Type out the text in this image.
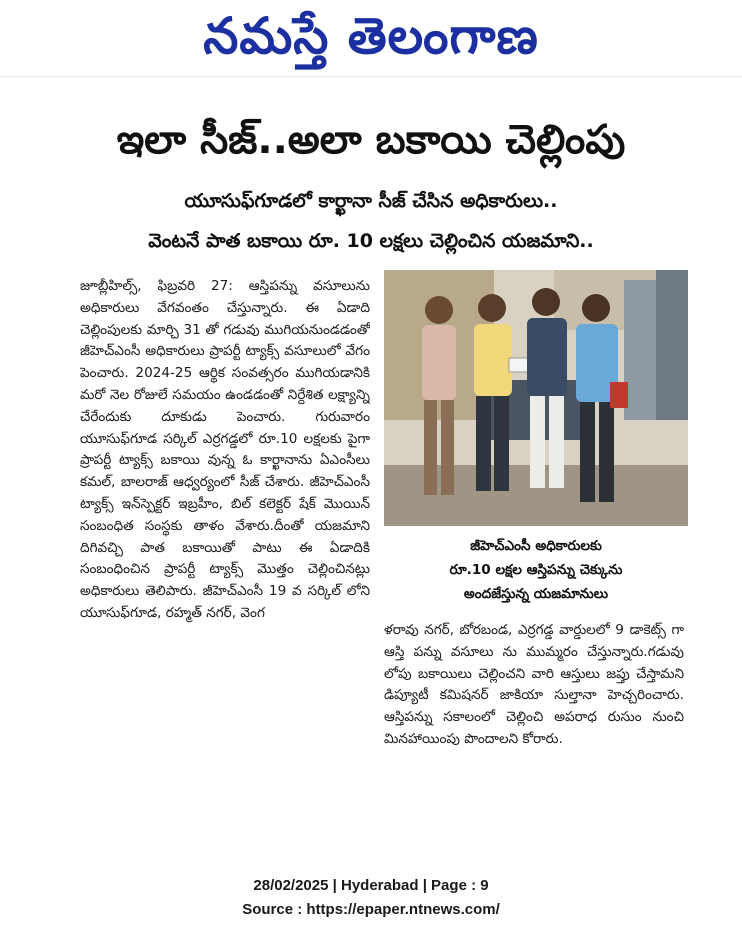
నమస్తే తెలంగాణ
ఇలా సీజ్..అలా బకాయి చెల్లింపు
యూసుఫ్‌గూడలో కార్ఖానా సీజ్ చేసిన అధికారులు..
వెంటనే పాత బకాయి రూ. 10 లక్షలు చెల్లించిన యజమాని..
జూబ్లీహిల్స్, ఫిబ్రవరి 27: ఆస్తిపన్ను వసూలును అధికారులు వేగవంతం చేస్తున్నారు. ఈ ఏడాది చెల్లింపులకు మార్చి 31 తో గడువు ముగియనుండడంతో జీహెచ్‌ఎంసీ అధికారులు ప్రాపర్టీ ట్యాక్స్ వసూలులో వేగం పెంచారు. 2024-25 ఆర్థిక సంవత్సరం ముగియడానికి మరో నెల రోజులే సమయం ఉండడంతో నిర్దేశిత లక్ష్యాన్ని చేరేందుకు దూకుడు పెంచారు. గురువారం యూసుఫ్‌గూడ సర్కిల్ ఎర్రగడ్డలో రూ.10 లక్షలకు పైగా ప్రాపర్టీ ట్యాక్స్ బకాయి వున్న ఓ కార్ఖానాను ఏఎంసీలు కమల్, బాలరాజ్ ఆధ్వర్యంలో సీజ్ చేశారు. జీహెచ్‌ఎంసీ ట్యాక్స్ ఇన్‌స్పెక్టర్ ఇబ్రహీం, బిల్ కలెక్టర్ షేక్ మొయిన్ సంబంధిత సంస్థకు తాళం వేశారు.దీంతో యజమాని దిగివచ్చి పాత బకాయితో పాటు ఈ ఏడాదికి సంబంధించిన ప్రాపర్టీ ట్యాక్స్ మొత్తం చెల్లించినట్లు అధికారులు తెలిపారు. జీహెచ్‌ఎంసీ 19 వ సర్కిల్ లోని యూసుఫ్‌గూడ, రహ్మత్ నగర్, వెంగ
జీహెచ్‌ఎంసీ అధికారులకు
రూ.10 లక్షల ఆస్తిపన్ను చెక్కును
అందజేస్తున్న యజమానులు
ళరావు నగర్, బోరబండ, ఎర్రగడ్డ వార్డులలో 9 డాకెట్స్ గా ఆస్తి పన్ను వసూలు ను ముమ్మరం చేస్తున్నారు.గడువు లోపు బకాయిలు చెల్లించని వారి ఆస్తులు జప్తు చేస్తామని డిప్యూటీ కమిషనర్ జాకియా సుల్తానా హెచ్చరించారు. ఆస్తిపన్ను సకాలంలో చెల్లించి అపరాధ రుసుం నుంచి మినహాయింపు పొందాలని కోరారు.
28/02/2025 | Hyderabad | Page : 9
Source : https://epaper.ntnews.com/
